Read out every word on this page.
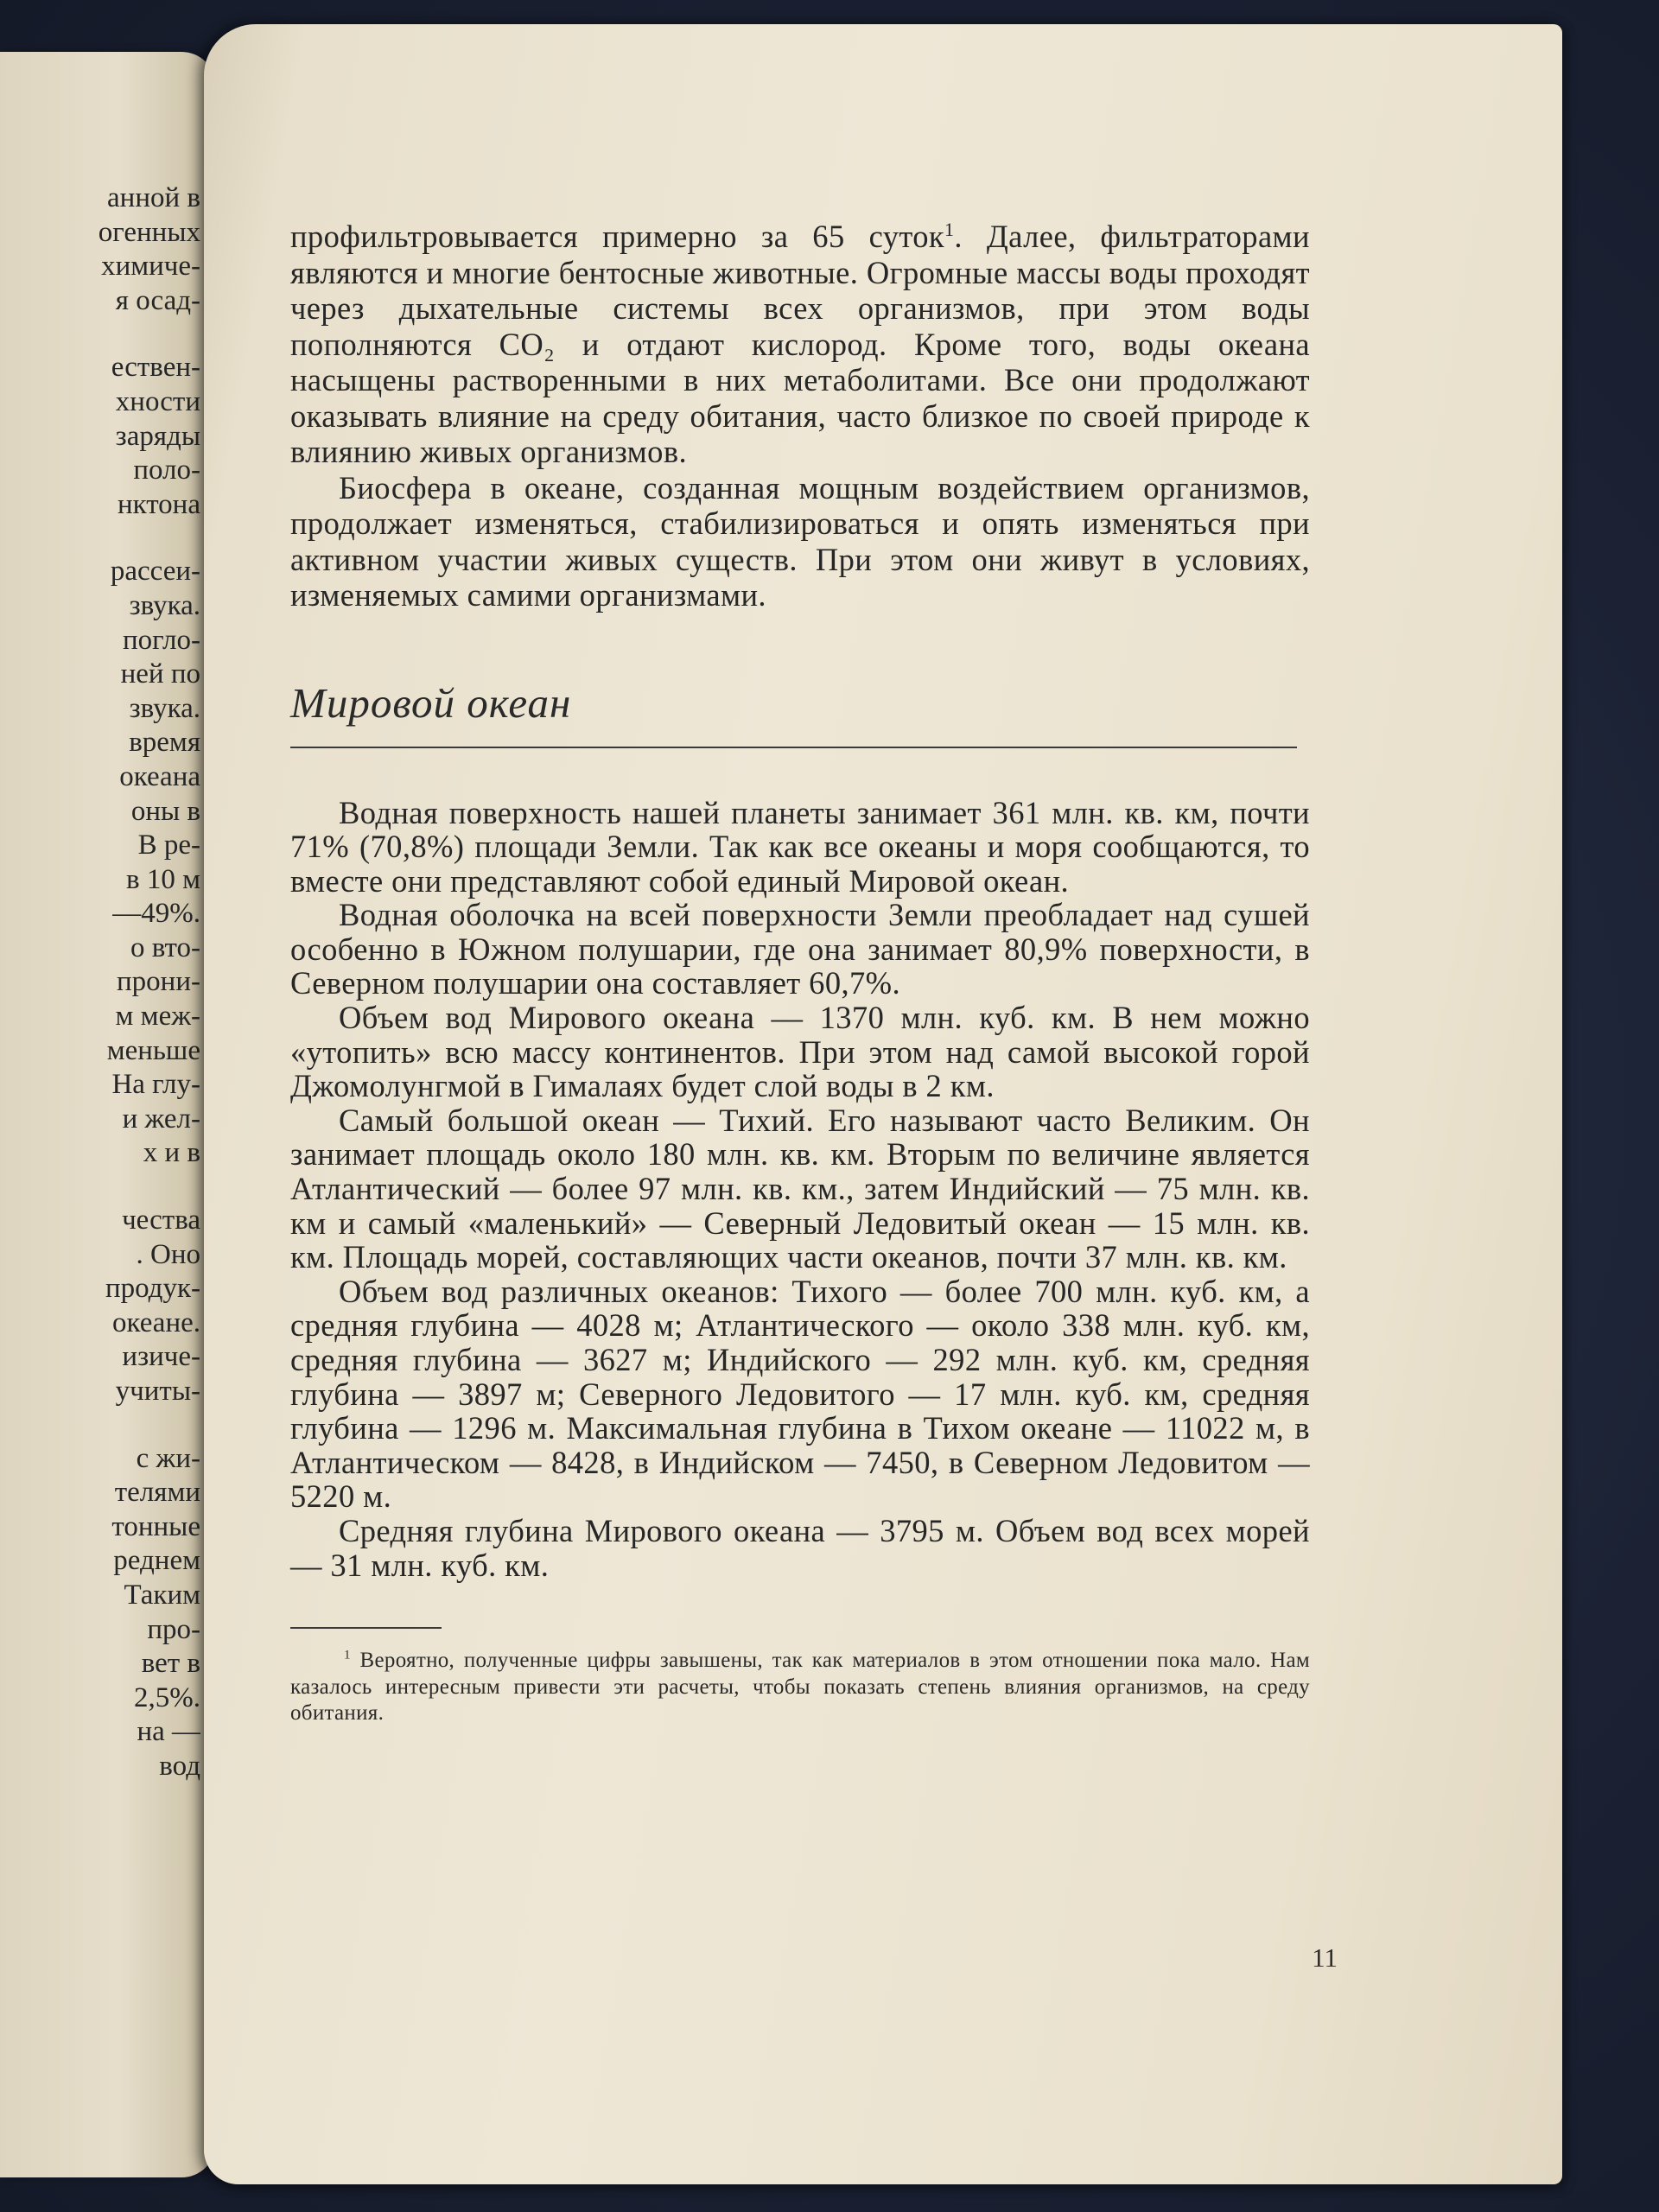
анной в
огенных
химиче-
я осад-
ествен-
хности
заряды
полo-
нктона
рассеи-
звука.
погло-
ней по
звука.
время
океана
оны в
В ре-
в 10 м
—49%.
о вто-
прони-
м меж-
меньше
На глу-
и жел-
х и в
чества
. Оно
продук-
океане.
изиче-
учиты-
с жи-
телями
тонные
реднем
Таким
про-
вет в
2,5%.
на —
вод

профильтровывается примерно за 65 суток$^1$. Далее, фильтраторами являются и многие бентосные животные. Огромные массы воды проходят через дыхательные системы всех организмов, при этом воды пополняются СО₂ и отдают кислород. Кроме того, воды океана насыщены растворенными в них метаболитами. Все они продолжают оказывать влияние на среду обитания, часто близкое по своей природе к влиянию живых организмов.

Биосфера в океане, созданная мощным воздействием организмов, продолжает изменяться, стабилизироваться и опять изменяться при активном участии живых существ. При этом они живут в условиях, изменяемых самими организмами.

Мировой океан

Водная поверхность нашей планеты занимает 361 млн. кв. км, почти 71% (70,8%) площади Земли. Так как все океаны и моря сообщаются, то вместе они представляют собой единый Мировой океан.

Водная оболочка на всей поверхности Земли преобладает над сушей особенно в Южном полушарии, где она занимает 80,9% поверхности, в Северном полушарии она составляет 60,7%.

Объем вод Мирового океана — 1370 млн. куб. км. В нем можно «утопить» всю массу континентов. При этом над самой высокой горой Джомолунгмой в Гималаях будет слой воды в 2 км.

Самый большой океан — Тихий. Его называют часто Великим. Он занимает площадь около 180 млн. кв. км. Вторым по величине является Атлантический — более 97 млн. кв. км., затем Индийский — 75 млн. кв. км и самый «маленький» — Северный Ледовитый океан — 15 млн. кв. км. Площадь морей, составляющих части океанов, почти 37 млн. кв. км.

Объем вод различных океанов: Тихого — более 700 млн. куб. км, а средняя глубина — 4028 м; Атлантического — около 338 млн. куб. км, средняя глубина — 3627 м; Индийского — 292 млн. куб. км, средняя глубина — 3897 м; Северного Ледовитого — 17 млн. куб. км, средняя глубина — 1296 м. Максимальная глубина в Тихом океане — 11022 м, в Атлантическом — 8428, в Индийском — 7450, в Северном Ледовитом — 5220 м.

Средняя глубина Мирового океана — 3795 м. Объем вод всех морей — 31 млн. куб. км.

$^1$ Вероятно, полученные цифры завышены, так как материалов в этом отношении пока мало. Нам казалось интересным привести эти расчеты, чтобы показать степень влияния организмов, на среду обитания.

11
